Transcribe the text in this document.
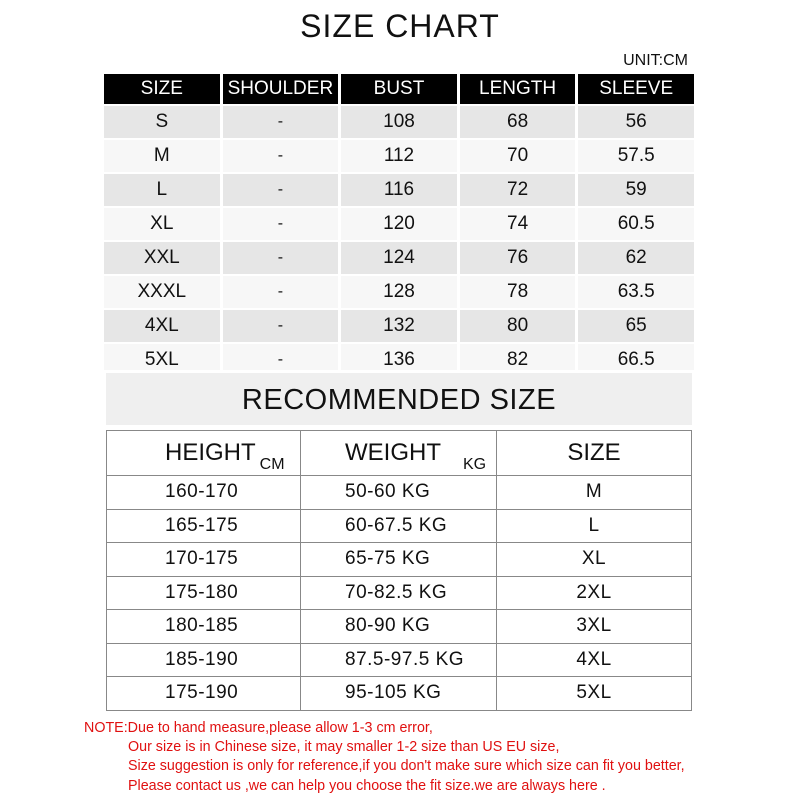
SIZE CHART
UNIT:CM
SIZE	SHOULDER	BUST	LENGTH	SLEEVE
S	-	108	68	56
M	-	112	70	57.5
L	-	116	72	59
XL	-	120	74	60.5
XXL	-	124	76	62
XXXL	-	128	78	63.5
4XL	-	132	80	65
5XL	-	136	82	66.5
RECOMMENDED SIZE
HEIGHT $_{CM}$	WEIGHT $_{KG}$	SIZE
160-170	50-60 KG	M
165-175	60-67.5 KG	L
170-175	65-75 KG	XL
175-180	70-82.5 KG	2XL
180-185	80-90 KG	3XL
185-190	87.5-97.5 KG	4XL
175-190	95-105 KG	5XL
NOTE:Due to hand measure,please allow 1-3 cm error,
Our size is in Chinese size, it may smaller 1-2 size than US EU size,
Size suggestion is only for reference,if you don't make sure which size can fit you better,
Please contact us ,we can help you choose the fit size.we are always here .
